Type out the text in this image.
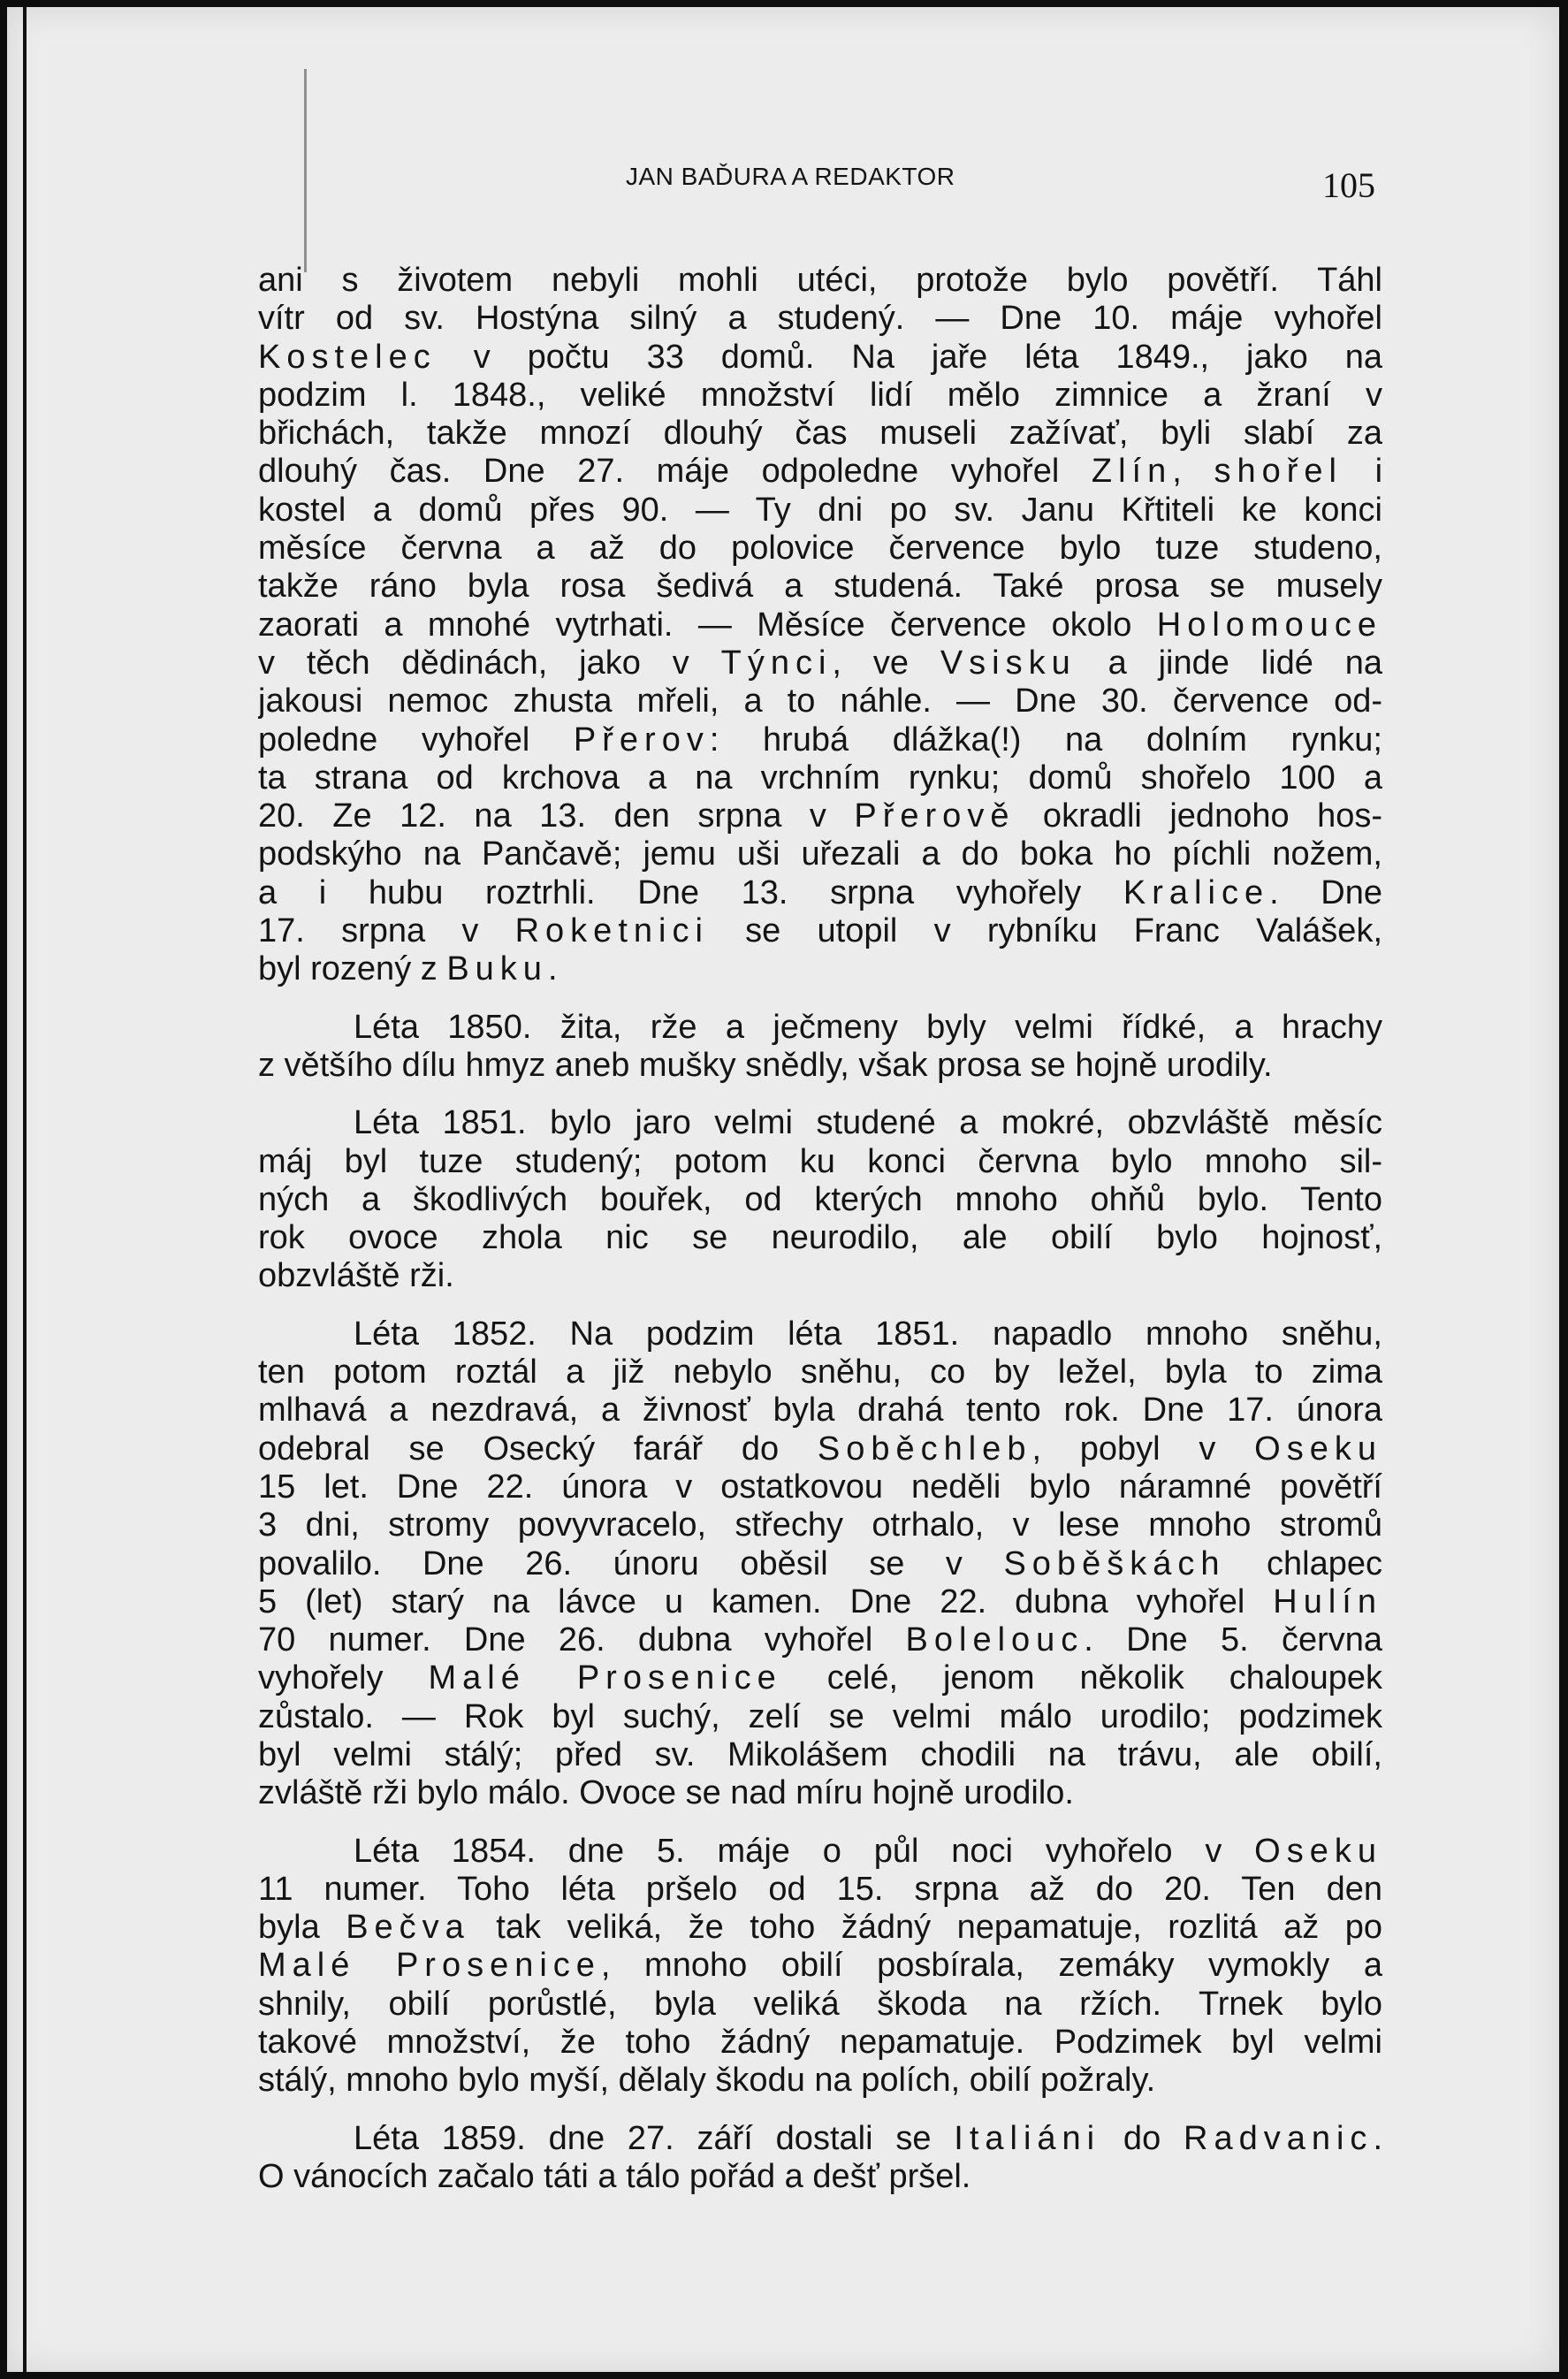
JAN BAĎURA A REDAKTOR	105
ani s životem nebyli mohli utéci, protože bylo povětří. Táhl
vítr od sv. Hostýna silný a studený. — Dne 10. máje vyhořel
Kostelec v počtu 33 domů. Na jaře léta 1849., jako na
podzim l. 1848., veliké množství lidí mělo zimnice a žraní v
břichách, takže mnozí dlouhý čas museli zažívať, byli slabí za
dlouhý čas. Dne 27. máje odpoledne vyhořel Zlín, shořel i
kostel a domů přes 90. — Ty dni po sv. Janu Křtiteli ke konci
měsíce června a až do polovice července bylo tuze studeno,
takže ráno byla rosa šedivá a studená. Také prosa se musely
zaorati a mnohé vytrhati. — Měsíce července okolo Holomouce
v těch dědinách, jako v Týnci, ve Vsisku a jinde lidé na
jakousi nemoc zhusta mřeli, a to náhle. — Dne 30. července od-
poledne vyhořel Přerov: hrubá dlážka(!) na dolním rynku;
ta strana od krchova a na vrchním rynku; domů shořelo 100 a
20. Ze 12. na 13. den srpna v Přerově okradli jednoho hos-
podskýho na Pančavě; jemu uši uřezali a do boka ho píchli nožem,
a i hubu roztrhli. Dne 13. srpna vyhořely Kralice. Dne
17. srpna v Roketnici se utopil v rybníku Franc Valášek,
byl rozený z Buku.
Léta 1850. žita, rže a ječmeny byly velmi řídké, a hrachy
z většího dílu hmyz aneb mušky snědly, však prosa se hojně urodily.
Léta 1851. bylo jaro velmi studené a mokré, obzvláště měsíc
máj byl tuze studený; potom ku konci června bylo mnoho sil-
ných a škodlivých bouřek, od kterých mnoho ohňů bylo. Tento
rok ovoce zhola nic se neurodilo, ale obilí bylo hojnosť,
obzvláště rži.
Léta 1852. Na podzim léta 1851. napadlo mnoho sněhu,
ten potom roztál a již nebylo sněhu, co by ležel, byla to zima
mlhavá a nezdravá, a živnosť byla drahá tento rok. Dne 17. února
odebral se Osecký farář do Soběchleb, pobyl v Oseku
15 let. Dne 22. února v ostatkovou neděli bylo náramné povětří
3 dni, stromy povyvracelo, střechy otrhalo, v lese mnoho stromů
povalilo. Dne 26. únoru oběsil se v Soběškách chlapec
5 (let) starý na lávce u kamen. Dne 22. dubna vyhořel Hulín
70 numer. Dne 26. dubna vyhořel Bolelouc. Dne 5. června
vyhořely Malé Prosenice celé, jenom několik chaloupek
zůstalo. — Rok byl suchý, zelí se velmi málo urodilo; podzimek
byl velmi stálý; před sv. Mikolášem chodili na trávu, ale obilí,
zvláště rži bylo málo. Ovoce se nad míru hojně urodilo.
Léta 1854. dne 5. máje o půl noci vyhořelo v Oseku
11 numer. Toho léta pršelo od 15. srpna až do 20. Ten den
byla Bečva tak veliká, že toho žádný nepamatuje, rozlitá až po
Malé Prosenice, mnoho obilí posbírala, zemáky vymokly a
shnily, obilí porůstlé, byla veliká škoda na ržích. Trnek bylo
takové množství, že toho žádný nepamatuje. Podzimek byl velmi
stálý, mnoho bylo myší, dělaly škodu na polích, obilí požraly.
Léta 1859. dne 27. září dostali se Italiáni do Radvanic.
O vánocích začalo táti a tálo pořád a dešť pršel.
